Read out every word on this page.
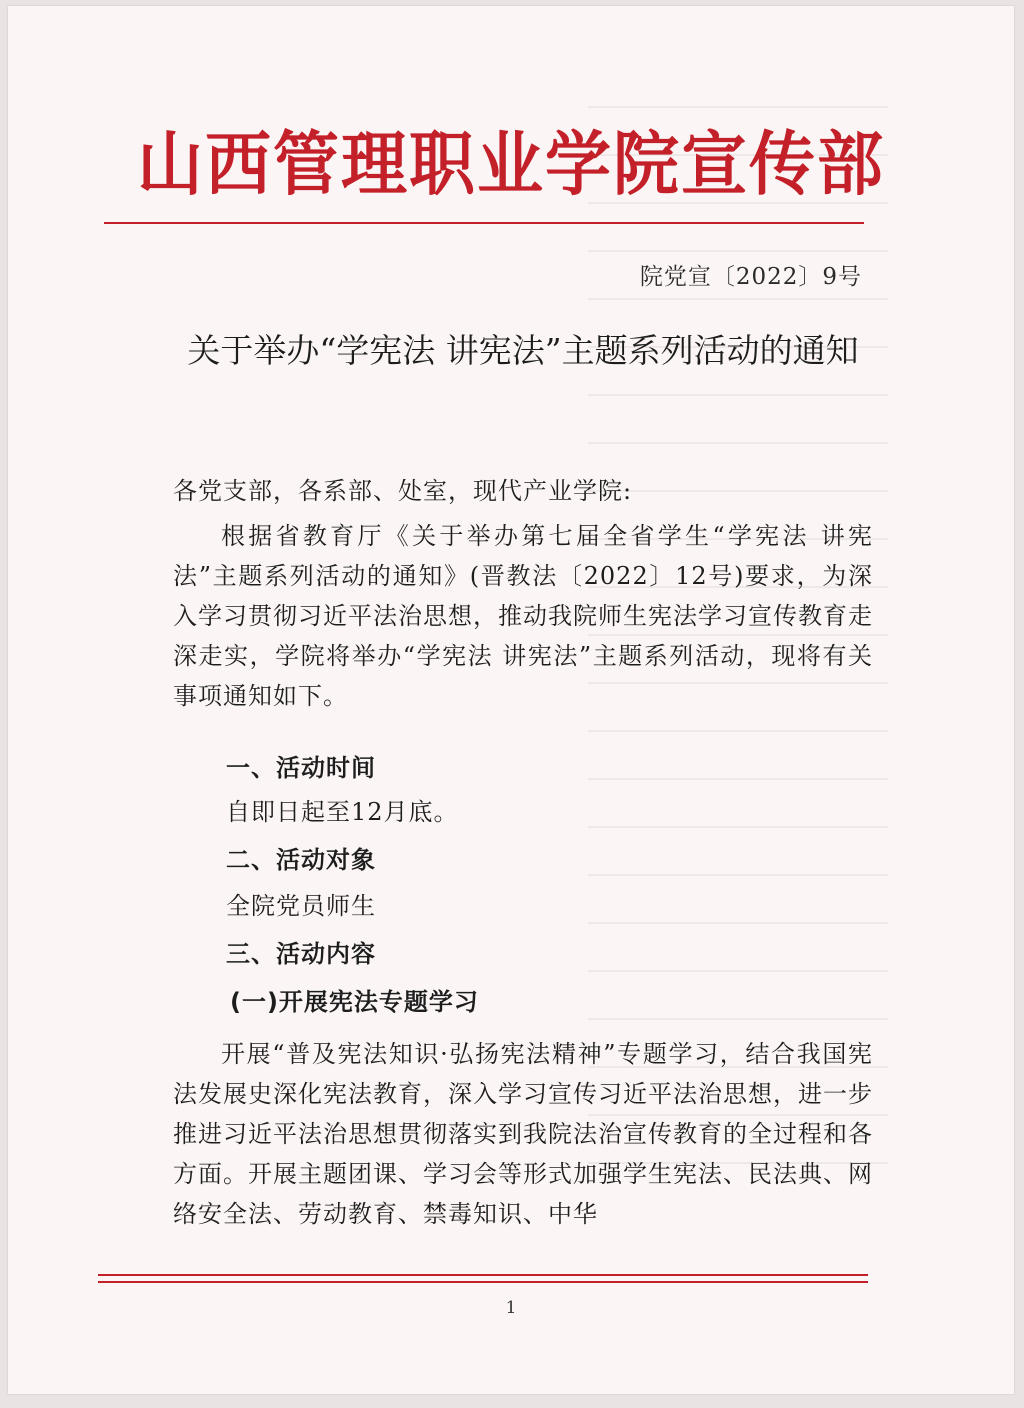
山西管理职业学院宣传部
院党宣〔2022〕9号
关于举办“学宪法 讲宪法”主题系列活动的通知
各党支部，各系部、处室，现代产业学院:
根据省教育厅《关于举办第七届全省学生“学宪法 讲宪法”主题系列活动的通知》(晋教法〔2022〕12号)要求，为深入学习贯彻习近平法治思想，推动我院师生宪法学习宣传教育走深走实，学院将举办“学宪法 讲宪法”主题系列活动，现将有关事项通知如下。
一、活动时间
自即日起至12月底。
二、活动对象
全院党员师生
三、活动内容
(一)开展宪法专题学习
开展“普及宪法知识·弘扬宪法精神”专题学习，结合我国宪法发展史深化宪法教育，深入学习宣传习近平法治思想，进一步推进习近平法治思想贯彻落实到我院法治宣传教育的全过程和各方面。开展主题团课、学习会等形式加强学生宪法、民法典、网络安全法、劳动教育、禁毒知识、中华
1
